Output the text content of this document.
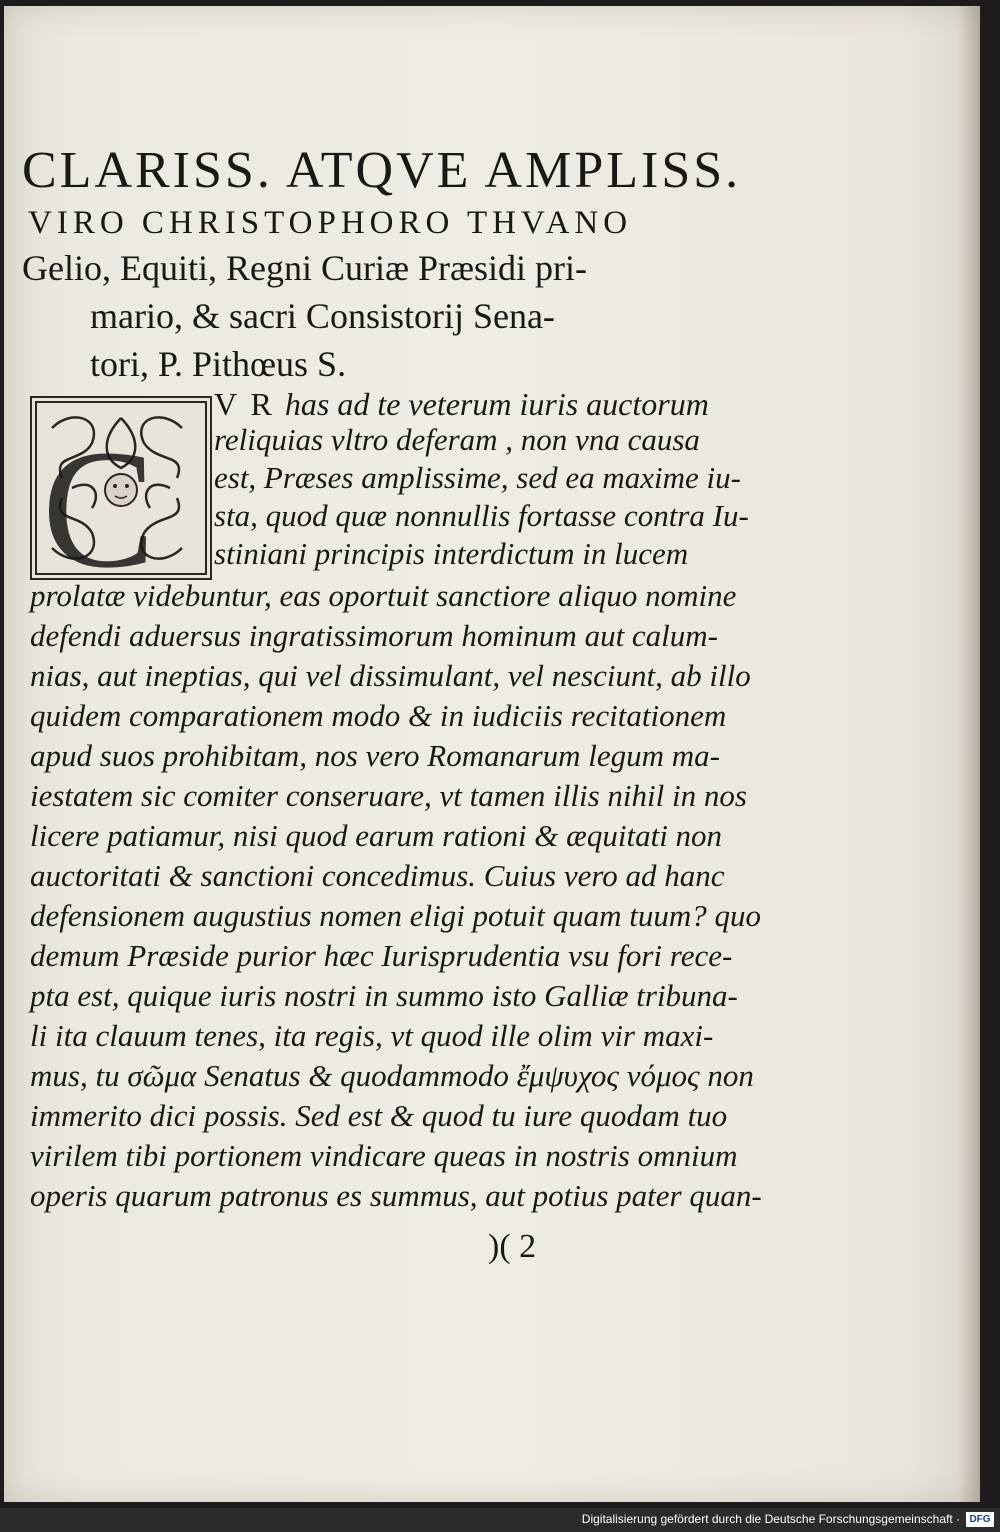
CLARISS. ATQVE AMPLISS.
VIRO CHRISTOPHORO THVANO
Gelio, Equiti, Regni Curiæ Præsidi pri-
mario, & sacri Consistorij Sena-
tori, P. Pithœus S.
C
V R has ad te veterum iuris auctorum
reliquias vltro deferam , non vna causa
est, Præses amplissime, sed ea maxime iu-
sta, quod quæ nonnullis fortasse contra Iu-
stiniani principis interdictum in lucem
prolatæ videbuntur, eas oportuit sanctiore aliquo nomine
defendi aduersus ingratissimorum hominum aut calum-
nias, aut ineptias, qui vel dissimulant, vel nesciunt, ab illo
quidem comparationem modo & in iudiciis recitationem
apud suos prohibitam, nos vero Romanarum legum ma-
iestatem sic comiter conseruare, vt tamen illis nihil in nos
licere patiamur, nisi quod earum rationi & æquitati non
auctoritati & sanctioni concedimus. Cuius vero ad hanc
defensionem augustius nomen eligi potuit quam tuum? quo
demum Præside purior hæc Iurisprudentia vsu fori rece-
pta est, quique iuris nostri in summo isto Galliæ tribuna-
li ita clauum tenes, ita regis, vt quod ille olim vir maxi-
mus, tu σῶμα Senatus & quodammodo ἔμψυχος νόμος non
immerito dici possis. Sed est & quod tu iure quodam tuo
virilem tibi portionem vindicare queas in nostris omnium
operis quarum patronus es summus, aut potius pater quan-
)( 2
Digitalisierung gefördert durch die Deutsche Forschungsgemeinschaft · DFG
